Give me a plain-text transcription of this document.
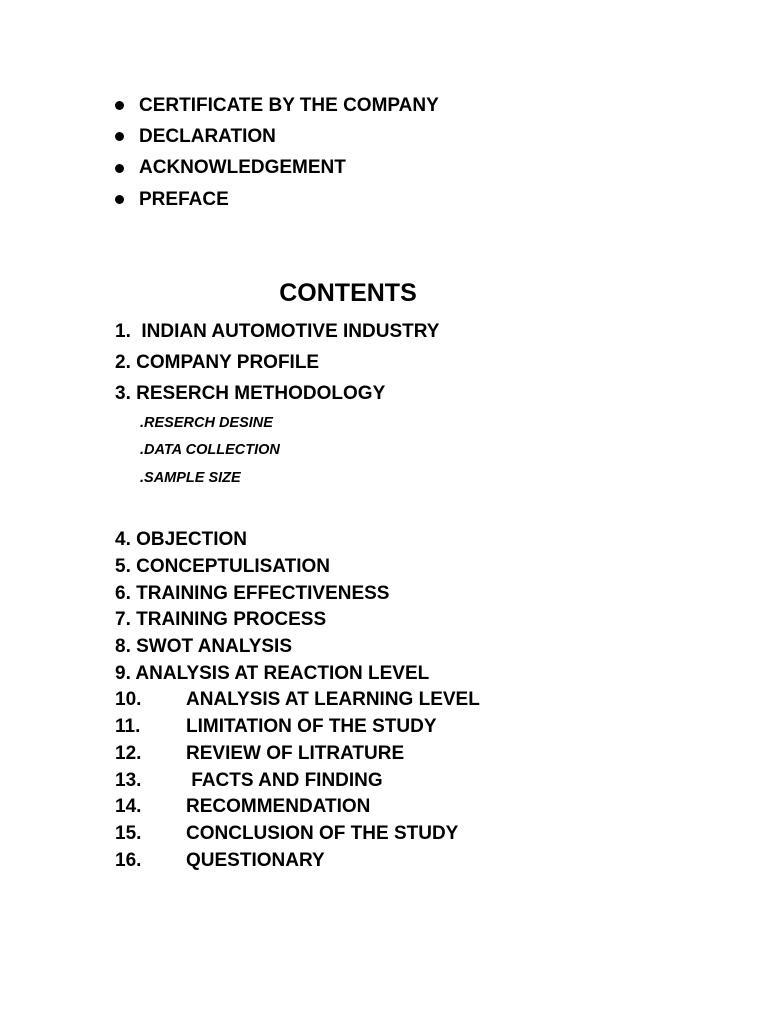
CERTIFICATE BY THE COMPANY
DECLARATION
ACKNOWLEDGEMENT
PREFACE
CONTENTS
1.  INDIAN AUTOMOTIVE INDUSTRY
2. COMPANY PROFILE
3. RESERCH METHODOLOGY
.RESERCH DESINE
.DATA COLLECTION
.SAMPLE SIZE
4. OBJECTION
5. CONCEPTULISATION
6. TRAINING EFFECTIVENESS
7. TRAINING PROCESS
8. SWOT ANALYSIS
9. ANALYSIS AT REACTION LEVEL
10.	ANALYSIS AT LEARNING LEVEL
11.	LIMITATION OF THE STUDY
12.	REVIEW OF LITRATURE
13.	FACTS AND FINDING
14.	RECOMMENDATION
15.	CONCLUSION OF THE STUDY
16.	QUESTIONARY
